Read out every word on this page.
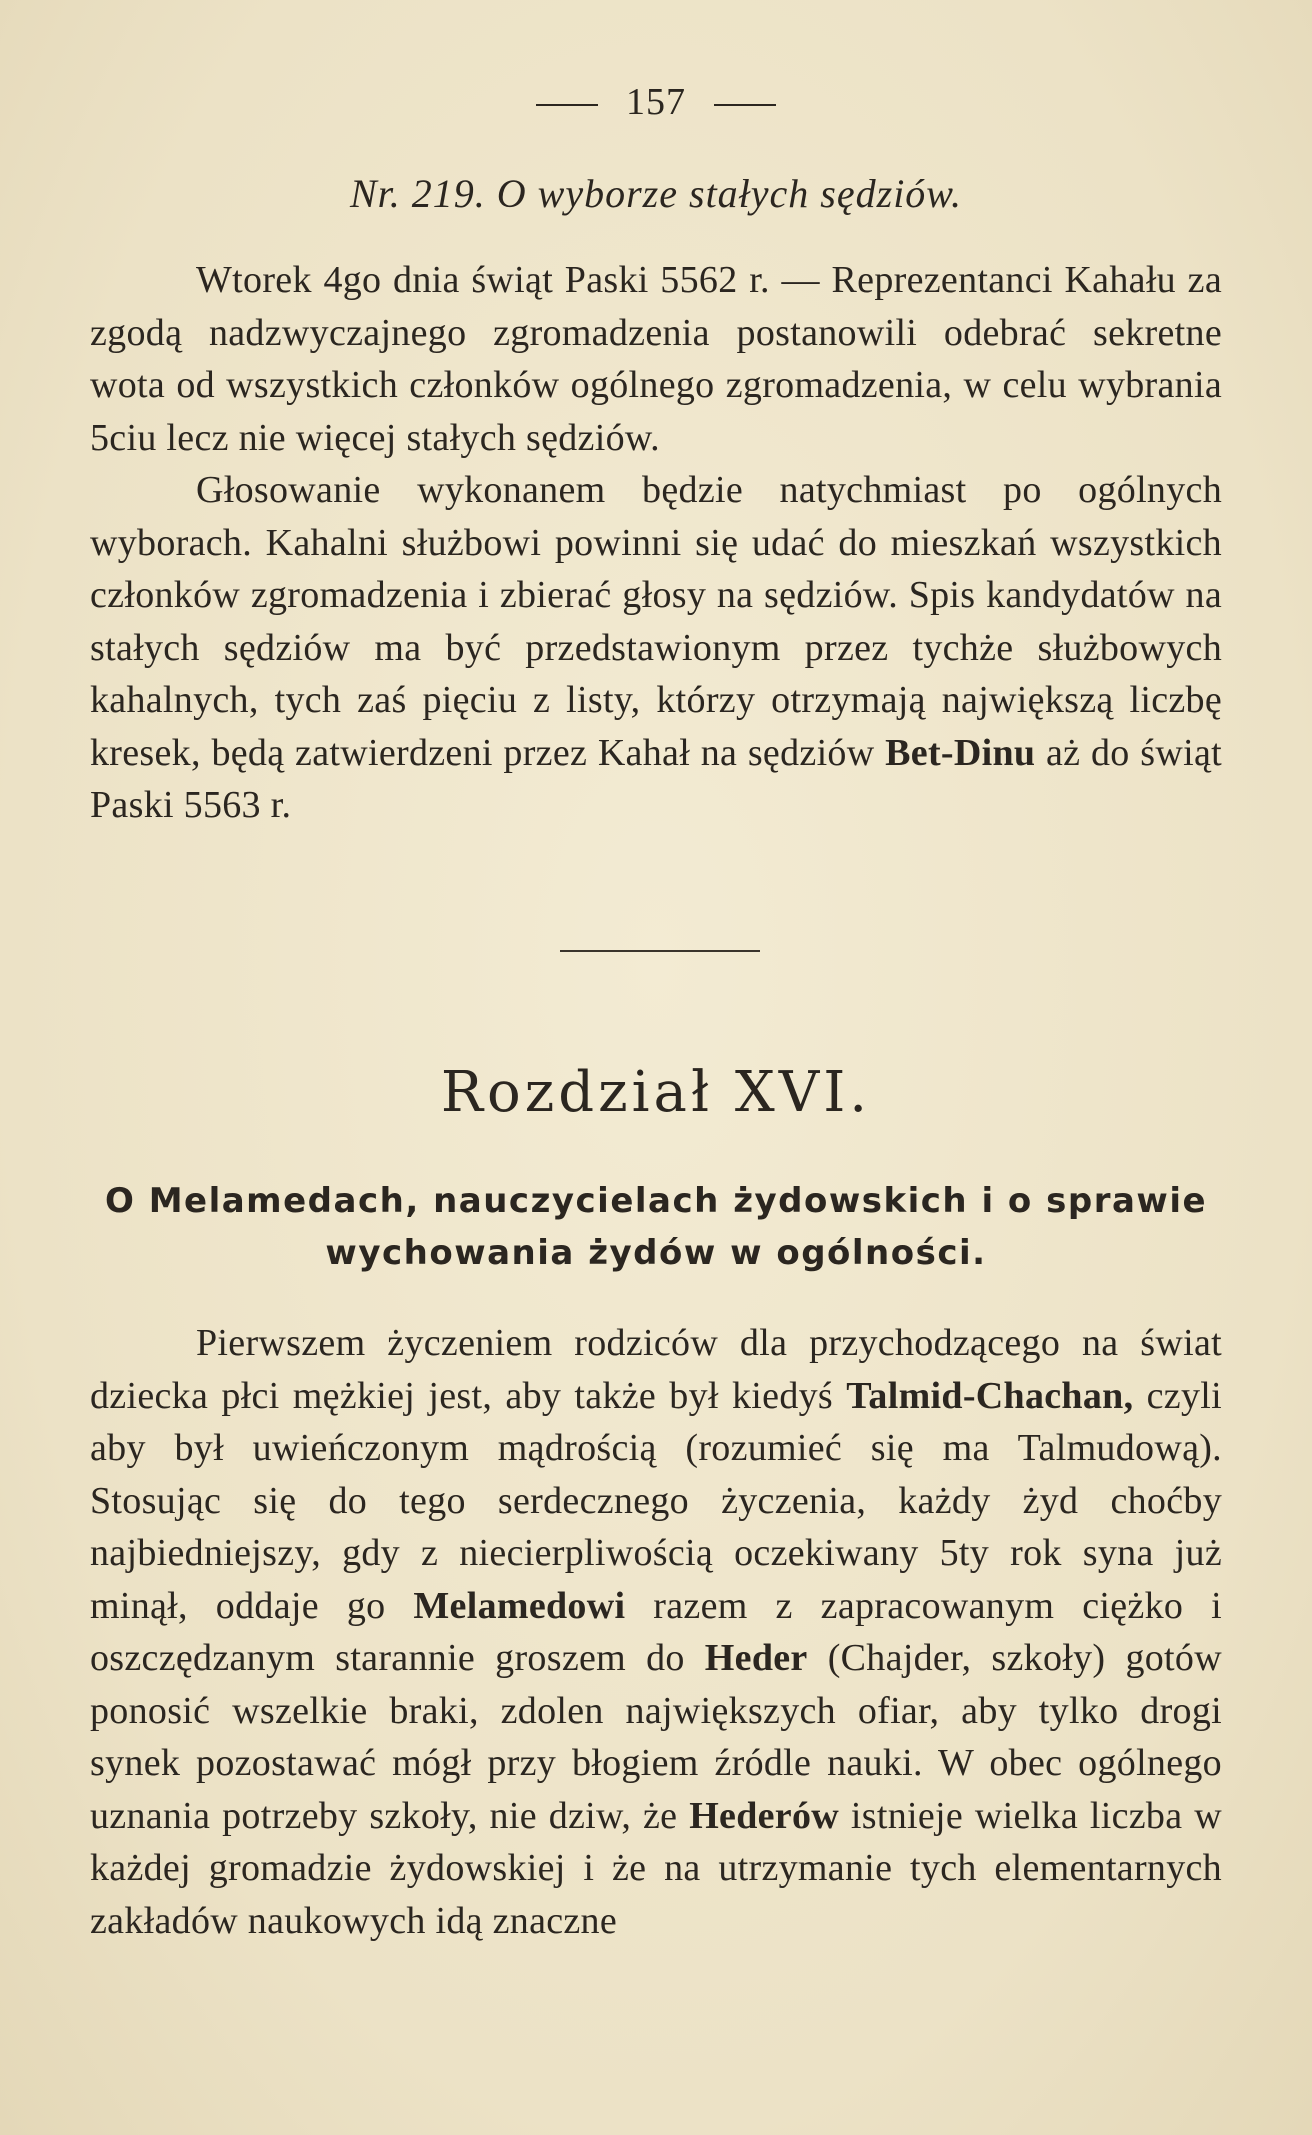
157
Nr. 219. O wyborze stałych sędziów.

Wtorek 4go dnia świąt Paski 5562 r. — Reprezentanci Kahału za zgodą nadzwyczajnego zgromadzenia postanowili odebrać sekretne wota od wszystkich członków ogólnego zgromadzenia, w celu wybrania 5ciu lecz nie więcej stałych sędziów.

Głosowanie wykonanem będzie natychmiast po ogólnych wyborach. Kahalni służbowi powinni się udać do mieszkań wszystkich członków zgromadzenia i zbierać głosy na sędziów. Spis kandydatów na stałych sędziów ma być przedstawionym przez tychże służbowych kahalnych, tych zaś pięciu z listy, którzy otrzymają największą liczbę kresek, będą zatwierdzeni przez Kahał na sędziów Bet-Dinu aż do świąt Paski 5563 r.

Rozdział XVI.
O Melamedach, nauczycielach żydowskich i o sprawie wychowania żydów w ogólności.

Pierwszem życzeniem rodziców dla przychodzącego na świat dziecka płci mężkiej jest, aby także był kiedyś Talmid-Chachan, czyli aby był uwieńczonym mądrością (rozumieć się ma Talmudową). Stosując się do tego serdecznego życzenia, każdy żyd choćby najbiedniejszy, gdy z niecierpliwością oczekiwany 5ty rok syna już minął, oddaje go Melamedowi razem z zapracowanym ciężko i oszczędzanym starannie groszem do Heder (Chajder, szkoły) gotów ponosić wszelkie braki, zdolen największych ofiar, aby tylko drogi synek pozostawać mógł przy błogiem źródle nauki. W obec ogólnego uznania potrzeby szkoły, nie dziw, że Hederów istnieje wielka liczba w każdej gromadzie żydowskiej i że na utrzymanie tych elementarnych zakładów naukowych idą znaczne
